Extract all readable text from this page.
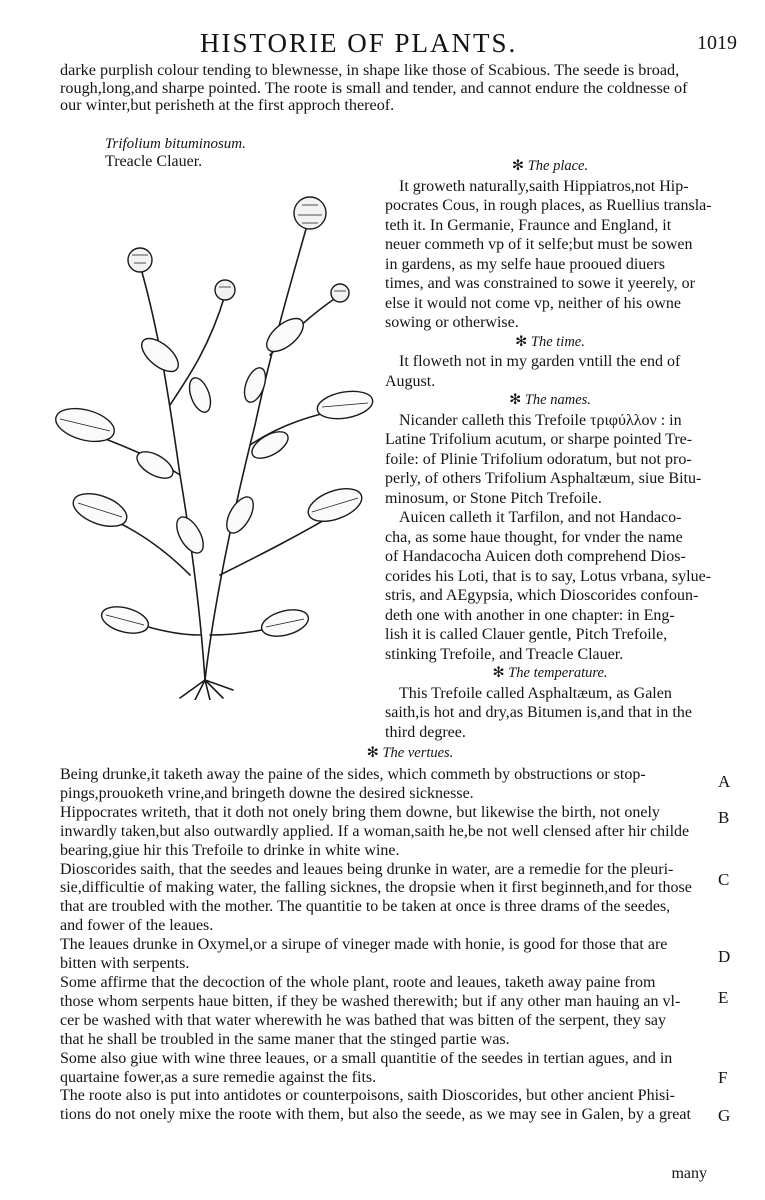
HISTORIE OF PLANTS.	1019

darke purplish colour tending to blewnesse, in shape like those of Scabious. The seede is broad,

rough,long,and sharpe pointed. The roote is small and tender, and cannot endure the coldnesse of

our winter,but perisheth at the first approch thereof.

Trifolium bituminosum.

Treacle Clauer.	✻ The place.

It groweth naturally,saith Hippiatros,not Hip-

pocrates Cous, in rough places, as Ruellius transla-

teth it. In Germanie, Fraunce and England, it

neuer commeth vp of it selfe;but must be sowen

in gardens, as my selfe haue prooued diuers

times, and was constrained to sowe it yeerely, or

else it would not come vp, neither of his owne

sowing or otherwise.

✻ The time.

It floweth not in my garden vntill the end of

August.

✻ The names.

Nicander calleth this Trefoile τριφύλλον : in

Latine Trifolium acutum, or sharpe pointed Tre-

foile: of Plinie Trifolium odoratum, but not pro-

perly, of others Trifolium Asphaltæum, siue Bitu-

minosum, or Stone Pitch Trefoile.

Auicen calleth it Tarfilon, and not Handaco-

cha, as some haue thought, for vnder the name

of Handacocha Auicen doth comprehend Dios-

corides his Loti, that is to say, Lotus vrbana, sylue-

stris, and AEgypsia, which Dioscorides confoun-

deth one with another in one chapter: in Eng-

lish it is called Clauer gentle, Pitch Trefoile,

stinking Trefoile, and Treacle Clauer.

✻ The temperature.

This Trefoile called Asphaltæum, as Galen

saith,is hot and dry,as Bitumen is,and that in the

third degree.

✻ The vertues.

Being drunke,it taketh away the paine of the sides, which commeth by obstructions or stop-

pings,prouoketh vrine,and bringeth downe the desired sicknesse.

Hippocrates writeth, that it doth not onely bring them downe, but likewise the birth, not onely

inwardly taken,but also outwardly applied. If a woman,saith he,be not well clensed after hir childe

bearing,giue hir this Trefoile to drinke in white wine.

Dioscorides saith, that the seedes and leaues being drunke in water, are a remedie for the pleuri-

sie,difficultie of making water, the falling sicknes, the dropsie when it first beginneth,and for those

that are troubled with the mother. The quantitie to be taken at once is three drams of the seedes,

and fower of the leaues.

The leaues drunke in Oxymel,or a sirupe of vineger made with honie, is good for those that are

bitten with serpents.

Some affirme that the decoction of the whole plant, roote and leaues, taketh away paine from

those whom serpents haue bitten, if they be washed therewith; but if any other man hauing an vl-

cer be washed with that water wherewith he was bathed that was bitten of the serpent, they say

that he shall be troubled in the same maner that the stinged partie was.

Some also giue with wine three leaues, or a small quantitie of the seedes in tertian agues, and in

quartaine fower,as a sure remedie against the fits.

The roote also is put into antidotes or counterpoisons, saith Dioscorides, but other ancient Phisi-

tions do not onely mixe the roote with them, but also the seede, as we may see in Galen, by a great

A
B
C
D
E
F
G
many
